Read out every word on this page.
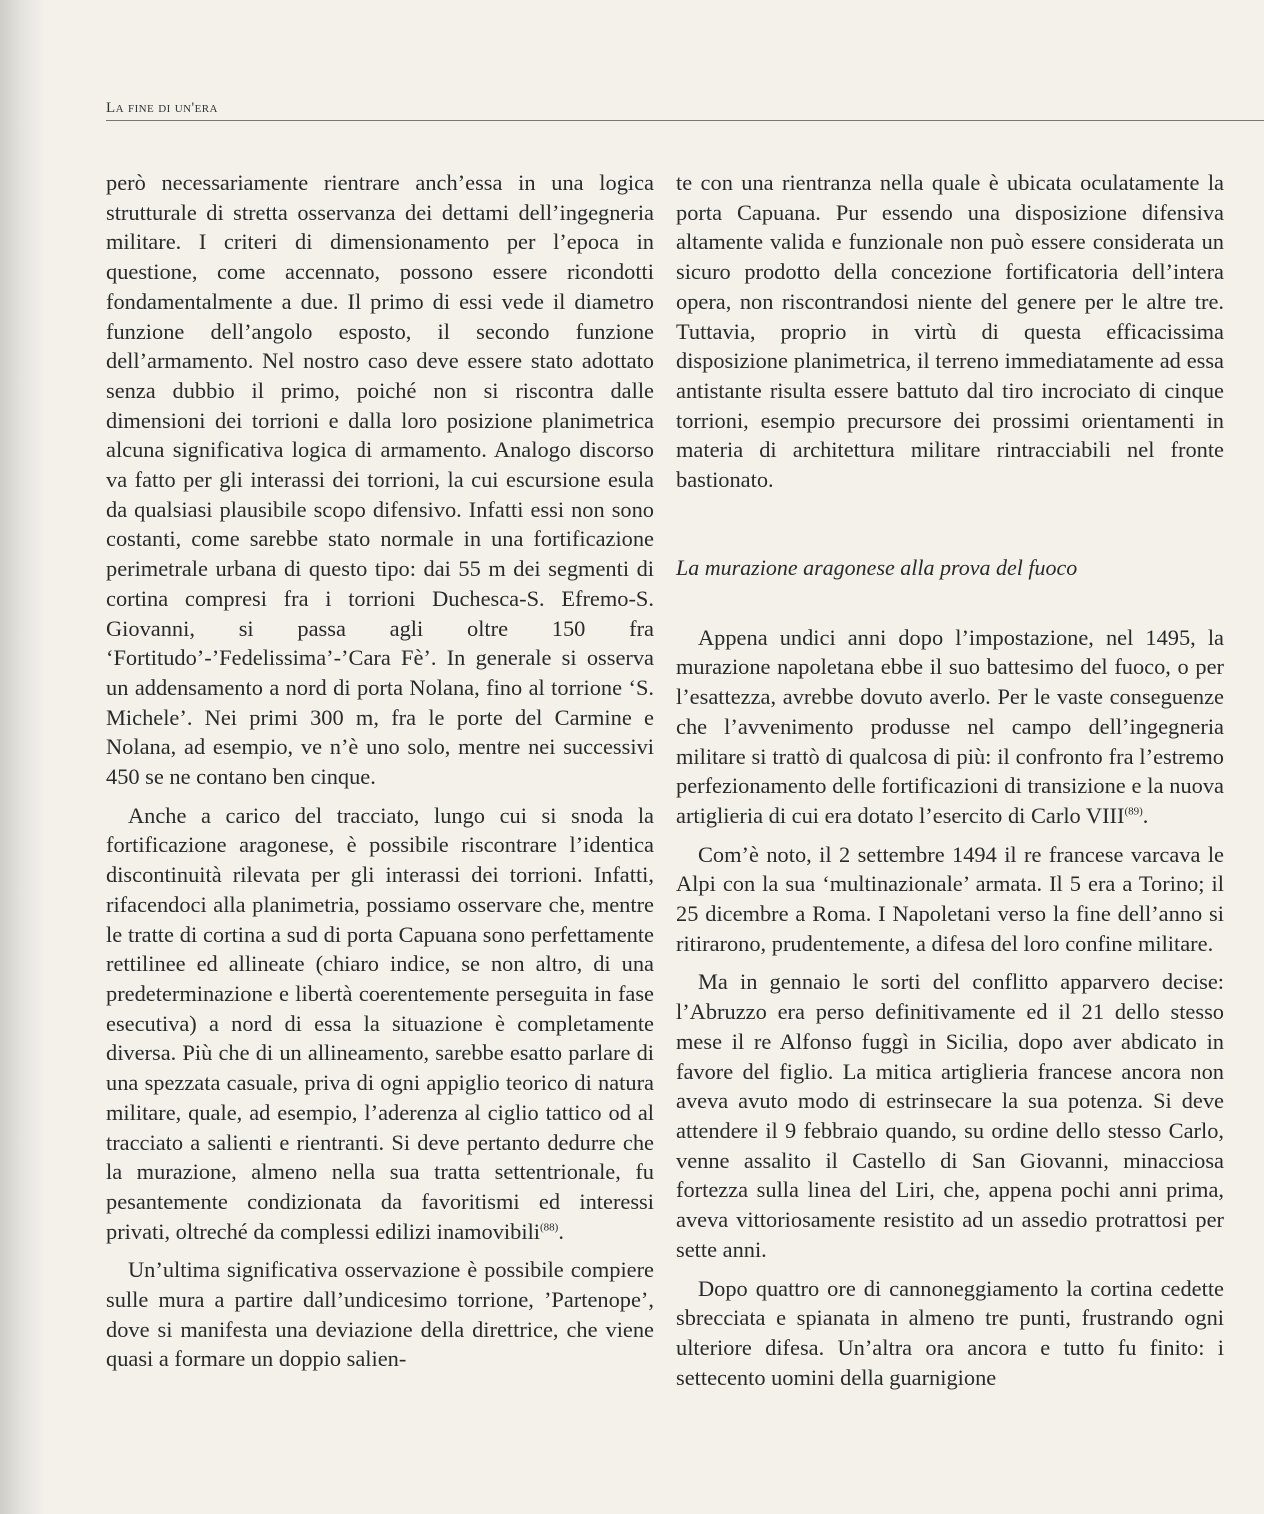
La fine di un'era

però necessariamente rientrare anch’essa in una logica strutturale di stretta osservanza dei dettami dell’ingegneria militare. I criteri di dimensionamento per l’epoca in questione, come accennato, possono essere ricondotti fondamentalmente a due. Il primo di essi vede il diametro funzione dell’angolo esposto, il secondo funzione dell’armamento. Nel nostro caso deve essere stato adottato senza dubbio il primo, poiché non si riscontra dalle dimensioni dei torrioni e dalla loro posizione planimetrica alcuna significativa logica di armamento. Analogo discorso va fatto per gli interassi dei torrioni, la cui escursione esula da qualsiasi plausibile scopo difensivo. Infatti essi non sono costanti, come sarebbe stato normale in una fortificazione perimetrale urbana di questo tipo: dai 55 m dei segmenti di cortina compresi fra i torrioni Duchesca-S. Efremo-S. Giovanni, si passa agli oltre 150 fra ‘Fortitudo’-’Fedelissima’-’Cara Fè’. In generale si osserva un addensamento a nord di porta Nolana, fino al torrione ‘S. Michele’. Nei primi 300 m, fra le porte del Carmine e Nolana, ad esempio, ve n’è uno solo, mentre nei successivi 450 se ne contano ben cinque.

Anche a carico del tracciato, lungo cui si snoda la fortificazione aragonese, è possibile riscontrare l’identica discontinuità rilevata per gli interassi dei torrioni. Infatti, rifacendoci alla planimetria, possiamo osservare che, mentre le tratte di cortina a sud di porta Capuana sono perfettamente rettilinee ed allineate (chiaro indice, se non altro, di una predeterminazione e libertà coerentemente perseguita in fase esecutiva) a nord di essa la situazione è completamente diversa. Più che di un allineamento, sarebbe esatto parlare di una spezzata casuale, priva di ogni appiglio teorico di natura militare, quale, ad esempio, l’aderenza al ciglio tattico od al tracciato a salienti e rientranti. Si deve pertanto dedurre che la murazione, almeno nella sua tratta settentrionale, fu pesantemente condizionata da favoritismi ed interessi privati, oltreché da complessi edilizi inamovibili$^{(88)}$.

Un’ultima significativa osservazione è possibile compiere sulle mura a partire dall’undicesimo torrione, ’Partenope’, dove si manifesta una deviazione della direttrice, che viene quasi a formare un doppio salien-

te con una rientranza nella quale è ubicata oculatamente la porta Capuana. Pur essendo una disposizione difensiva altamente valida e funzionale non può essere considerata un sicuro prodotto della concezione fortificatoria dell’intera opera, non riscontrandosi niente del genere per le altre tre. Tuttavia, proprio in virtù di questa efficacissima disposizione planimetrica, il terreno immediatamente ad essa antistante risulta essere battuto dal tiro incrociato di cinque torrioni, esempio precursore dei prossimi orientamenti in materia di architettura militare rintracciabili nel fronte bastionato.

La murazione aragonese alla prova del fuoco

Appena undici anni dopo l’impostazione, nel 1495, la murazione napoletana ebbe il suo battesimo del fuoco, o per l’esattezza, avrebbe dovuto averlo. Per le vaste conseguenze che l’avvenimento produsse nel campo dell’ingegneria militare si trattò di qualcosa di più: il confronto fra l’estremo perfezionamento delle fortificazioni di transizione e la nuova artiglieria di cui era dotato l’esercito di Carlo VIII$^{(89)}$.

Com’è noto, il 2 settembre 1494 il re francese varcava le Alpi con la sua ‘multinazionale’ armata. Il 5 era a Torino; il 25 dicembre a Roma. I Napoletani verso la fine dell’anno si ritirarono, prudentemente, a difesa del loro confine militare.

Ma in gennaio le sorti del conflitto apparvero decise: l’Abruzzo era perso definitivamente ed il 21 dello stesso mese il re Alfonso fuggì in Sicilia, dopo aver abdicato in favore del figlio. La mitica artiglieria francese ancora non aveva avuto modo di estrinsecare la sua potenza. Si deve attendere il 9 febbraio quando, su ordine dello stesso Carlo, venne assalito il Castello di San Giovanni, minacciosa fortezza sulla linea del Liri, che, appena pochi anni prima, aveva vittoriosamente resistito ad un assedio protrattosi per sette anni.

Dopo quattro ore di cannoneggiamento la cortina cedette sbrecciata e spianata in almeno tre punti, frustrando ogni ulteriore difesa. Un’altra ora ancora e tutto fu finito: i settecento uomini della guarnigione
